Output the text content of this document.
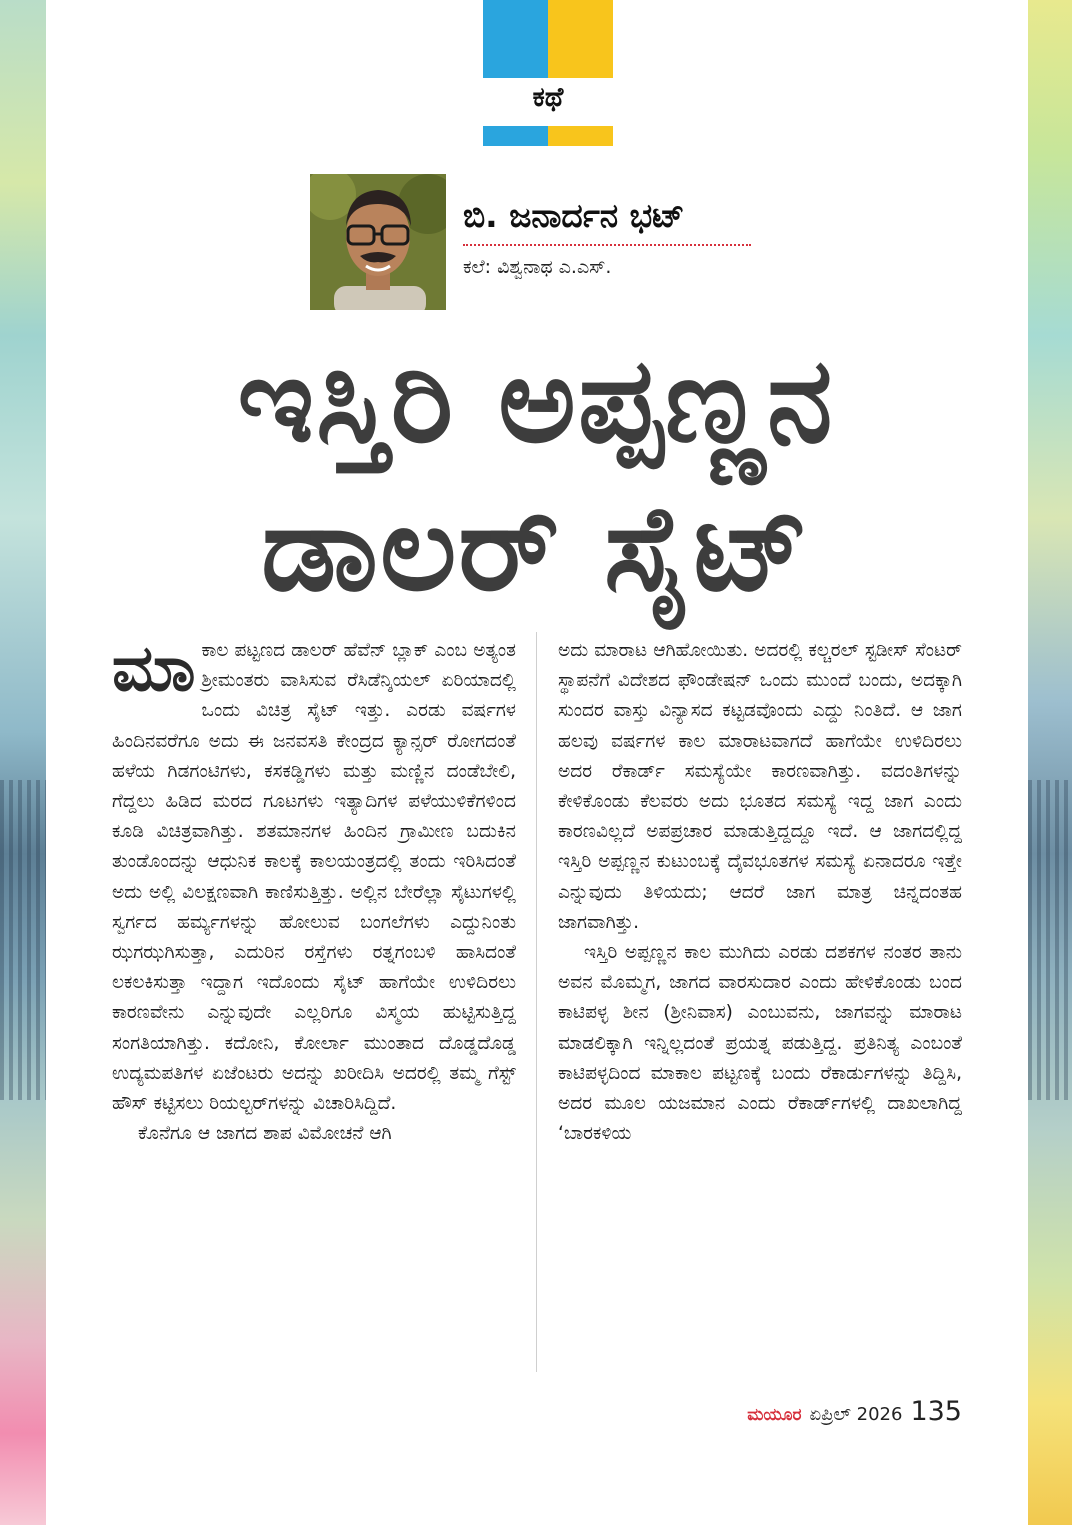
ಕಥೆ
ಬಿ. ಜನಾರ್ದನ ಭಟ್
ಕಲೆ: ವಿಶ್ವನಾಥ ಎ.ಎಸ್.
ಇಸ್ತಿರಿ ಅಪ್ಪಣ್ಣನ
ಡಾಲರ್ ಸೈಟ್

ಮಾಕಾಲ ಪಟ್ಟಣದ ಡಾಲರ್ ಹೆವೆನ್ ಬ್ಲಾಕ್ ಎಂಬ ಅತ್ಯಂತ ಶ್ರೀಮಂತರು ವಾಸಿಸುವ ರೆಸಿಡೆನ್ಶಿಯಲ್ ಏರಿಯಾದಲ್ಲಿ ಒಂದು ವಿಚಿತ್ರ ಸೈಟ್ ಇತ್ತು. ಎರಡು ವರ್ಷಗಳ ಹಿಂದಿನವರೆಗೂ ಅದು ಈ ಜನವಸತಿ ಕೇಂದ್ರದ ಕ್ಯಾನ್ಸರ್ ರೋಗದಂತೆ ಹಳೆಯ ಗಿಡಗಂಟಿಗಳು, ಕಸಕಡ್ಡಿಗಳು ಮತ್ತು ಮಣ್ಣಿನ ದಂಡೆಬೇಲಿ, ಗೆದ್ದಲು ಹಿಡಿದ ಮರದ ಗೂಟಗಳು ಇತ್ಯಾದಿಗಳ ಪಳೆಯುಳಿಕೆಗಳಿಂದ ಕೂಡಿ ವಿಚಿತ್ರವಾಗಿತ್ತು. ಶತಮಾನಗಳ ಹಿಂದಿನ ಗ್ರಾಮೀಣ ಬದುಕಿನ ತುಂಡೊಂದನ್ನು ಆಧುನಿಕ ಕಾಲಕ್ಕೆ ಕಾಲಯಂತ್ರದಲ್ಲಿ ತಂದು ಇರಿಸಿದಂತೆ ಅದು ಅಲ್ಲಿ ವಿಲಕ್ಷಣವಾಗಿ ಕಾಣಿಸುತ್ತಿತ್ತು. ಅಲ್ಲಿನ ಬೇರೆಲ್ಲಾ ಸೈಟುಗಳಲ್ಲಿ ಸ್ವರ್ಗದ ಹರ್ಮ್ಯಗಳನ್ನು ಹೋಲುವ ಬಂಗಲೆಗಳು ಎದ್ದುನಿಂತು ಝಗಝಗಿಸುತ್ತಾ, ಎದುರಿನ ರಸ್ತೆಗಳು ರತ್ನಗಂಬಳಿ ಹಾಸಿದಂತೆ ಲಕಲಕಿಸುತ್ತಾ ಇದ್ದಾಗ ಇದೊಂದು ಸೈಟ್ ಹಾಗೆಯೇ ಉಳಿದಿರಲು ಕಾರಣವೇನು ಎನ್ನುವುದೇ ಎಲ್ಲರಿಗೂ ವಿಸ್ಮಯ ಹುಟ್ಟಿಸುತ್ತಿದ್ದ ಸಂಗತಿಯಾಗಿತ್ತು. ಕದೋನಿ, ಕೋರ್ಲಾ ಮುಂತಾದ ದೊಡ್ಡದೊಡ್ಡ ಉದ್ಯಮಪತಿಗಳ ಏಜೆಂಟರು ಅದನ್ನು ಖರೀದಿಸಿ ಅದರಲ್ಲಿ ತಮ್ಮ ಗೆಸ್ಟ್ ಹೌಸ್ ಕಟ್ಟಿಸಲು ರಿಯಲ್ಟರ್‌ಗಳನ್ನು ವಿಚಾರಿಸಿದ್ದಿದೆ.

ಕೊನೆಗೂ ಆ ಜಾಗದ ಶಾಪ ವಿಮೋಚನೆ ಆಗಿ

ಅದು ಮಾರಾಟ ಆಗಿಹೋಯಿತು. ಅದರಲ್ಲಿ ಕಲ್ಚರಲ್ ಸ್ಟಡೀಸ್ ಸೆಂಟರ್ ಸ್ಥಾಪನೆಗೆ ವಿದೇಶದ ಫೌಂಡೇಷನ್ ಒಂದು ಮುಂದೆ ಬಂದು, ಅದಕ್ಕಾಗಿ ಸುಂದರ ವಾಸ್ತು ವಿನ್ಯಾಸದ ಕಟ್ಟಡವೊಂದು ಎದ್ದು ನಿಂತಿದೆ. ಆ ಜಾಗ ಹಲವು ವರ್ಷಗಳ ಕಾಲ ಮಾರಾಟವಾಗದೆ ಹಾಗೆಯೇ ಉಳಿದಿರಲು ಅದರ ರೆಕಾರ್ಡ್ ಸಮಸ್ಯೆಯೇ ಕಾರಣವಾಗಿತ್ತು. ವದಂತಿಗಳನ್ನು ಕೇಳಿಕೊಂಡು ಕೆಲವರು ಅದು ಭೂತದ ಸಮಸ್ಯೆ ಇದ್ದ ಜಾಗ ಎಂದು ಕಾರಣವಿಲ್ಲದೆ ಅಪಪ್ರಚಾರ ಮಾಡುತ್ತಿದ್ದದ್ದೂ ಇದೆ. ಆ ಜಾಗದಲ್ಲಿದ್ದ ಇಸ್ತಿರಿ ಅಪ್ಪಣ್ಣನ ಕುಟುಂಬಕ್ಕೆ ದೈವಭೂತಗಳ ಸಮಸ್ಯೆ ಏನಾದರೂ ಇತ್ತೇ ಎನ್ನುವುದು ತಿಳಿಯದು; ಆದರೆ ಜಾಗ ಮಾತ್ರ ಚಿನ್ನದಂತಹ ಜಾಗವಾಗಿತ್ತು.

ಇಸ್ತಿರಿ ಅಪ್ಪಣ್ಣನ ಕಾಲ ಮುಗಿದು ಎರಡು ದಶಕಗಳ ನಂತರ ತಾನು ಅವನ ಮೊಮ್ಮಗ, ಜಾಗದ ವಾರಸುದಾರ ಎಂದು ಹೇಳಿಕೊಂಡು ಬಂದ ಕಾಟಿಪಳ್ಳ ಶೀನ (ಶ್ರೀನಿವಾಸ) ಎಂಬುವನು, ಜಾಗವನ್ನು ಮಾರಾಟ ಮಾಡಲಿಕ್ಕಾಗಿ ಇನ್ನಿಲ್ಲದಂತೆ ಪ್ರಯತ್ನ ಪಡುತ್ತಿದ್ದ. ಪ್ರತಿನಿತ್ಯ ಎಂಬಂತೆ ಕಾಟಿಪಳ್ಳದಿಂದ ಮಾಕಾಲ ಪಟ್ಟಣಕ್ಕೆ ಬಂದು ರೆಕಾರ್ಡುಗಳನ್ನು ತಿದ್ದಿಸಿ, ಅದರ ಮೂಲ ಯಜಮಾನ ಎಂದು ರೆಕಾರ್ಡ್‌ಗಳಲ್ಲಿ ದಾಖಲಾಗಿದ್ದ ‘ಬಾರಕಳಿಯ

ಮಯೂರ ಏಪ್ರಿಲ್ 2026 135
